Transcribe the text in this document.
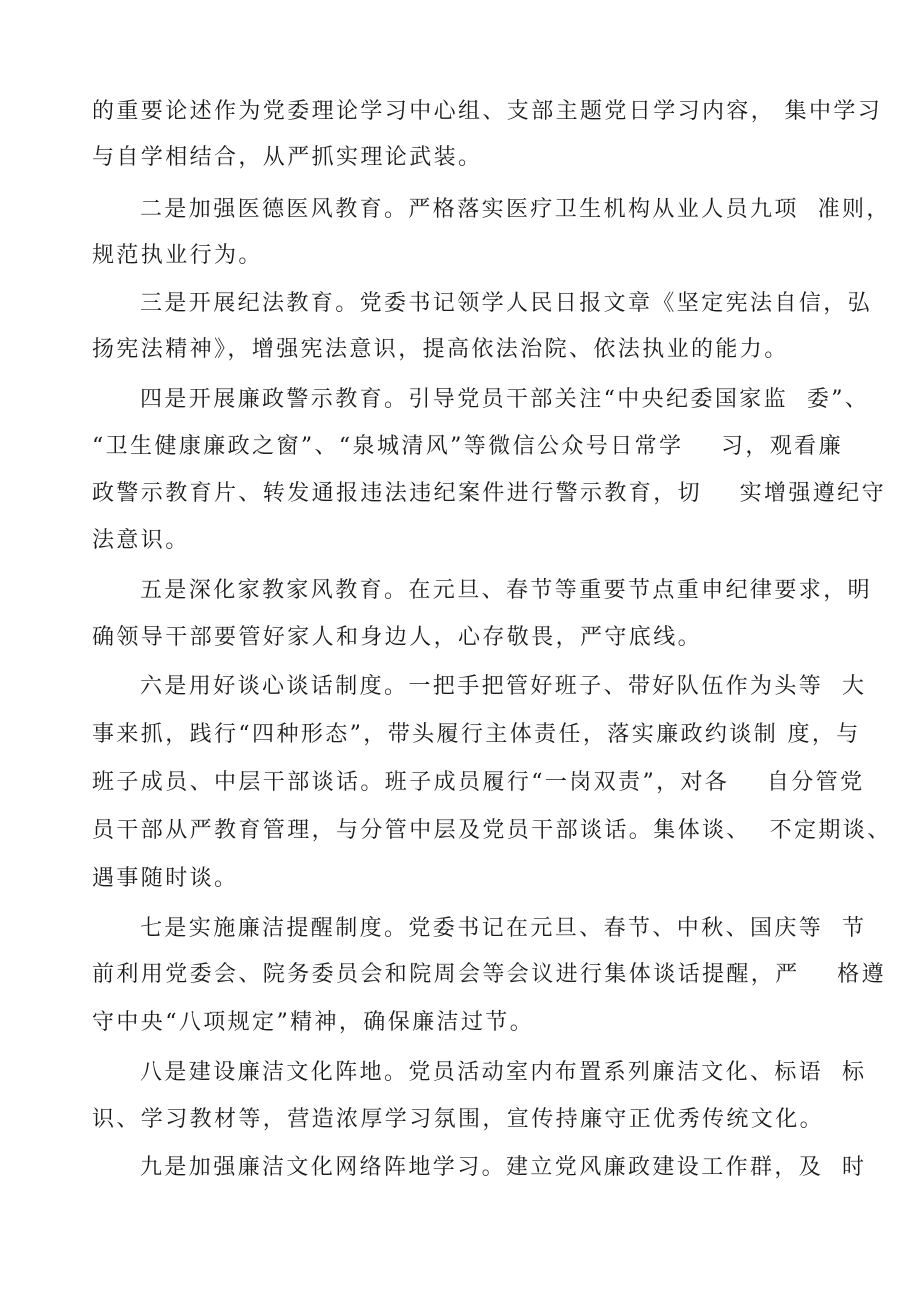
的重要论述作为党委理论学习中心组、支部主题党日学习内容， 集中学习
与自学相结合，从严抓实理论武装。
二是加强医德医风教育。严格落实医疗卫生机构从业人员九项  准则，
规范执业行为。
三是开展纪法教育。党委书记领学人民日报文章《坚定宪法自信，弘
扬宪法精神》，增强宪法意识，提高依法治院、依法执业的能力。
四是开展廉政警示教育。引导党员干部关注“中央纪委国家监  委”、
“卫生健康廉政之窗”、“泉城清风”等微信公众号日常学    习，观看廉
政警示教育片、转发通报违法违纪案件进行警示教育，切    实增强遵纪守
法意识。
五是深化家教家风教育。在元旦、春节等重要节点重申纪律要求，明
确领导干部要管好家人和身边人，心存敬畏，严守底线。
六是用好谈心谈话制度。一把手把管好班子、带好队伍作为头等  大
事来抓，践行“四种形态”，带头履行主体责任，落实廉政约谈制 度，与
班子成员、中层干部谈话。班子成员履行“一岗双责”，对各    自分管党
员干部从严教育管理，与分管中层及党员干部谈话。集体谈、  不定期谈、
遇事随时谈。
七是实施廉洁提醒制度。党委书记在元旦、春节、中秋、国庆等  节
前利用党委会、院务委员会和院周会等会议进行集体谈话提醒，严    格遵
守中央“八项规定”精神，确保廉洁过节。
八是建设廉洁文化阵地。党员活动室内布置系列廉洁文化、标语  标
识、学习教材等，营造浓厚学习氛围，宣传持廉守正优秀传统文化。
九是加强廉洁文化网络阵地学习。建立党风廉政建设工作群，及  时
